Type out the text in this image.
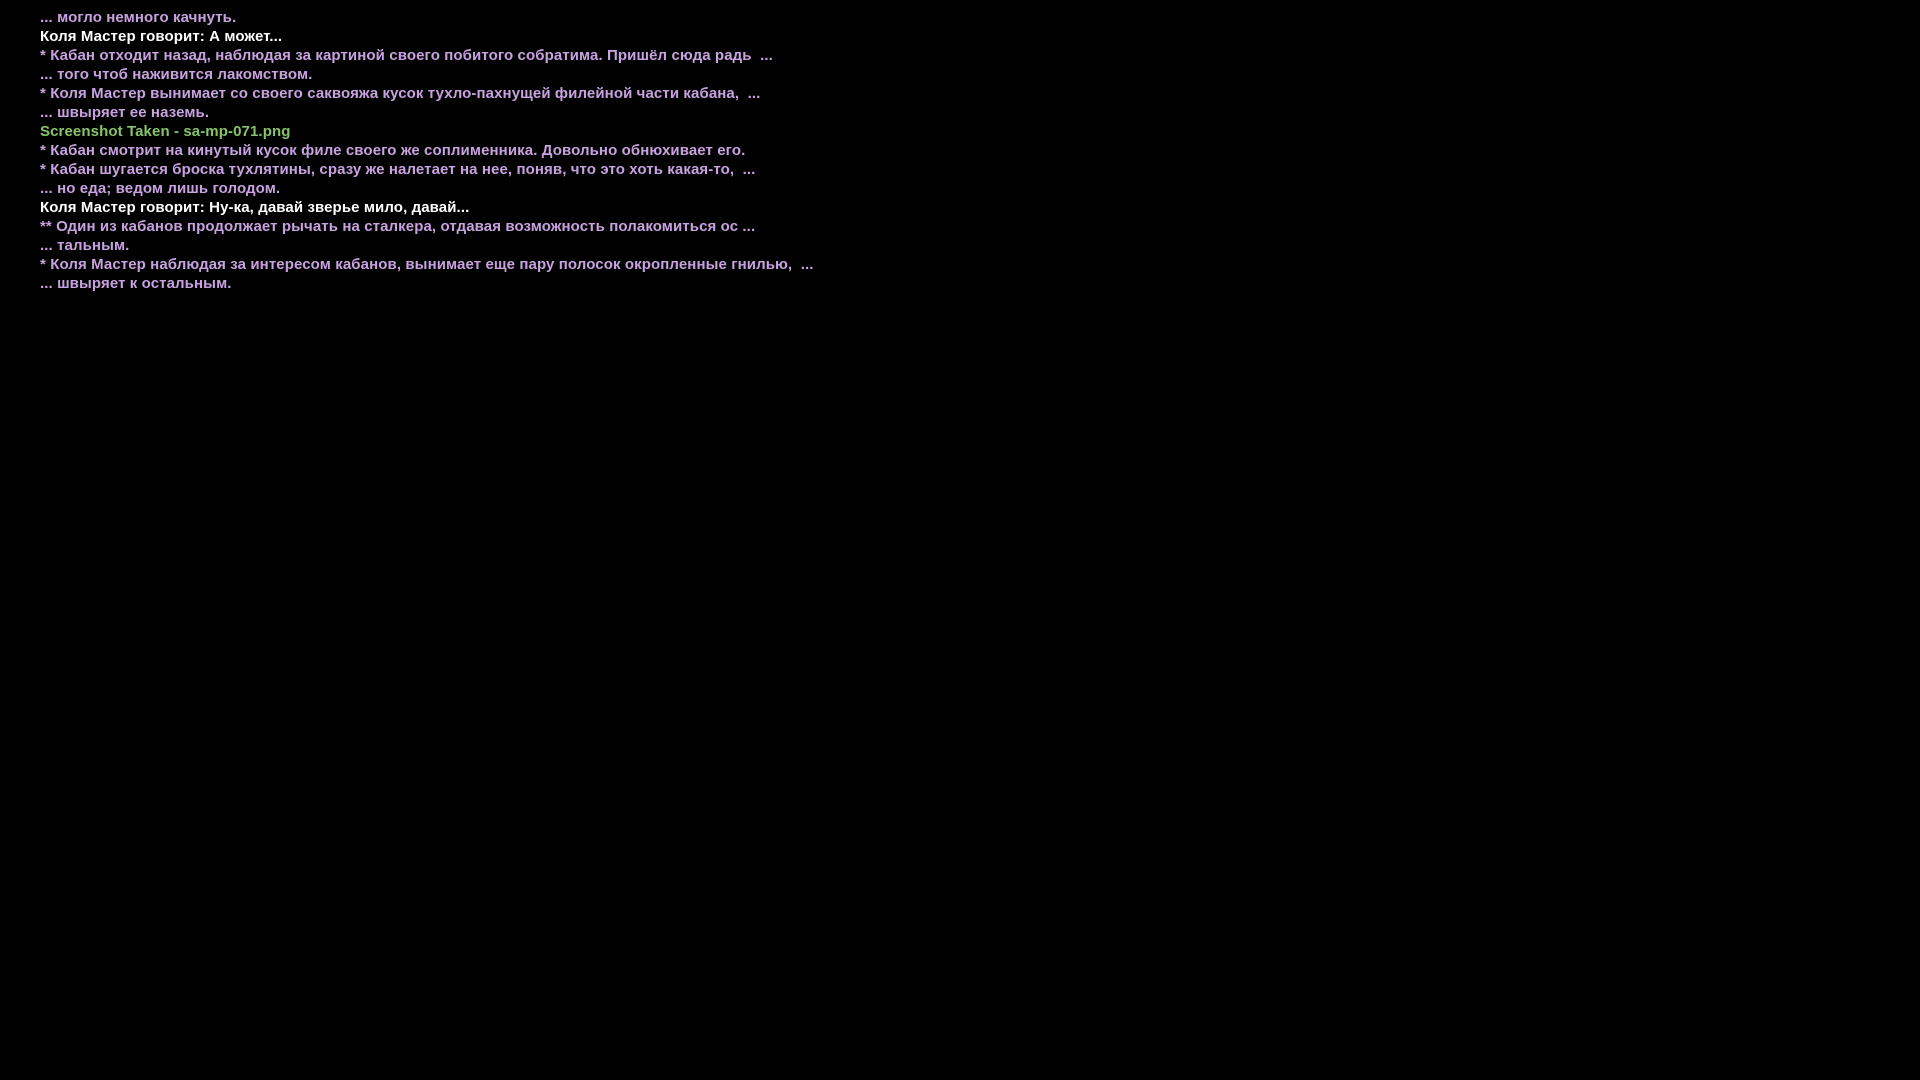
... могло немного качнуть.
Коля Мастер говорит: А может...
* Кабан отходит назад, наблюдая за картиной своего побитого собратима. Пришёл сюда радь  ...
... того чтоб наживится лакомством.
* Коля Мастер вынимает со своего саквояжа кусок тухло-пахнущей филейной части кабана,  ...
... швыряет ее наземь.
Screenshot Taken - sa-mp-071.png
* Кабан смотрит на кинутый кусок филе своего же соплименника. Довольно обнюхивает его.
* Кабан шугается броска тухлятины, сразу же налетает на нее, поняв, что это хоть какая-то,  ...
... но еда; ведом лишь голодом.
Коля Мастер говорит: Ну-ка, давай зверье мило, давай...
** Один из кабанов продолжает рычать на сталкера, отдавая возможность полакомиться ос ...
... тальным.
* Коля Мастер наблюдая за интересом кабанов, вынимает еще пару полосок окропленные гнилью,  ...
... швыряет к остальным.
